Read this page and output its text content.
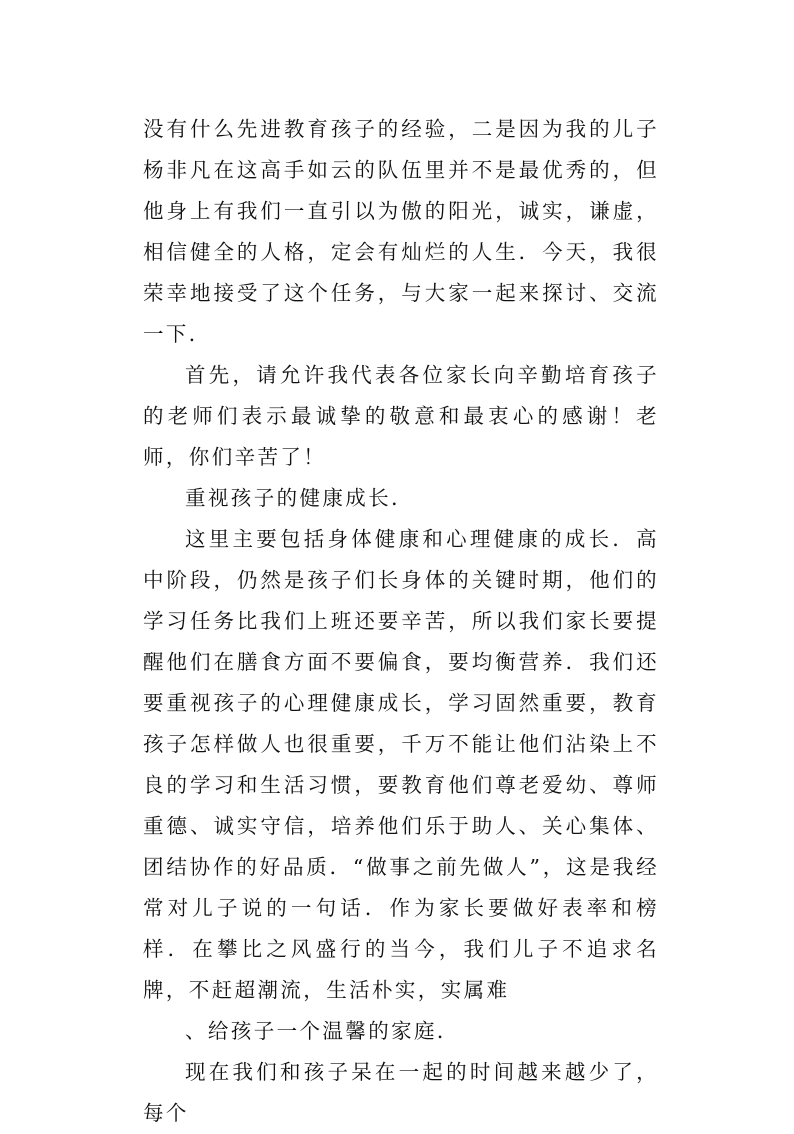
没有什么先进教育孩子的经验，二是因为我的儿子杨非凡在这高手如云的队伍里并不是最优秀的，但他身上有我们一直引以为傲的阳光，诚实，谦虚，相信健全的人格，定会有灿烂的人生．今天，我很荣幸地接受了这个任务，与大家一起来探讨、交流一下．

首先，请允许我代表各位家长向辛勤培育孩子的老师们表示最诚挚的敬意和最衷心的感谢！老师，你们辛苦了！

重视孩子的健康成长．

这里主要包括身体健康和心理健康的成长．高中阶段，仍然是孩子们长身体的关键时期，他们的学习任务比我们上班还要辛苦，所以我们家长要提醒他们在膳食方面不要偏食，要均衡营养．我们还要重视孩子的心理健康成长，学习固然重要，教育孩子怎样做人也很重要，千万不能让他们沾染上不良的学习和生活习惯，要教育他们尊老爱幼、尊师重德、诚实守信，培养他们乐于助人、关心集体、团结协作的好品质．“做事之前先做人”，这是我经常对儿子说的一句话．作为家长要做好表率和榜样．在攀比之风盛行的当今，我们儿子不追求名牌，不赶超潮流，生活朴实，实属难

、给孩子一个温馨的家庭．

现在我们和孩子呆在一起的时间越来越少了，每个
